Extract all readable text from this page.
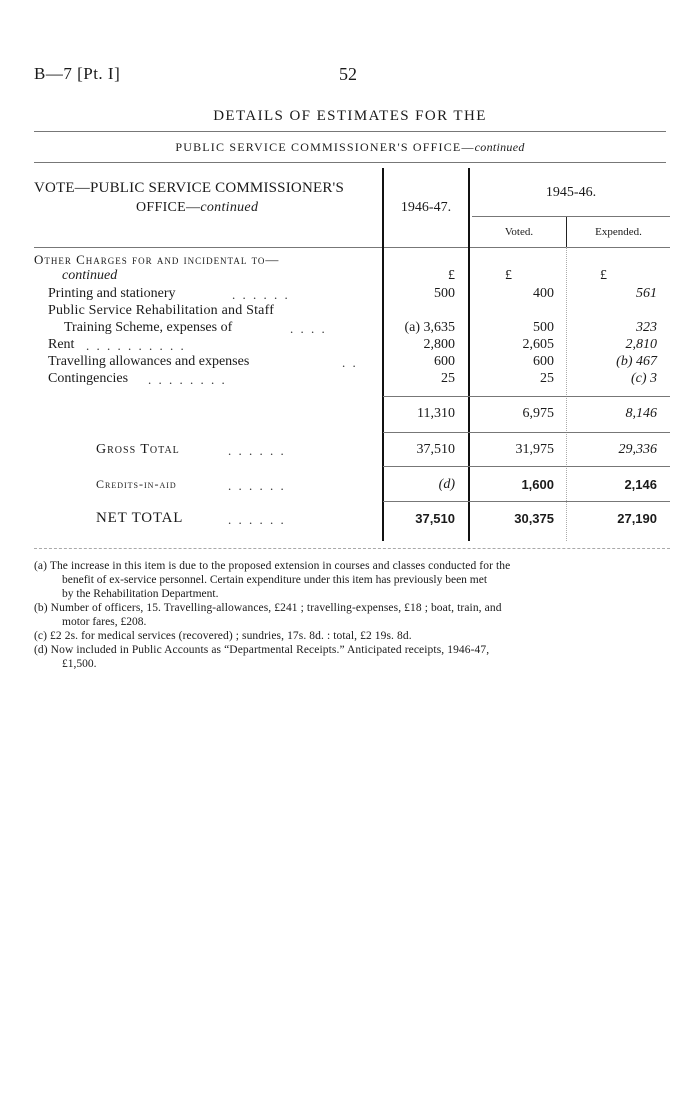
B—7 [Pt. I]	52
DETAILS OF ESTIMATES FOR THE
PUBLIC SERVICE COMMISSIONER'S OFFICE—continued
VOTE—PUBLIC SERVICE COMMISSIONER'S
OFFICE—continued	1946-47.
1945-46.
Voted.	Expended.
Other Charges for and incidental to—
continued	£	£	£
Printing and stationery	. . . . . .	500	400	561
Public Service Rehabilitation and Staff
Training Scheme, expenses of	. . . .	(a) 3,635	500	323
Rent . . . . . . . . . .	2,800	2,605	2,810
Travelling allowances and expenses	. .	600	600	(b) 467
Contingencies . . . . . . . .	25	25	(c) 3
11,310	6,975	8,146
Gross Total	. . . . . .	37,510	31,975	29,336
Credits-in-aid	. . . . . .	(d)	1,600	2,146
NET TOTAL	. . . . . .	37,510	30,375	27,190
(a) The increase in this item is due to the proposed extension in courses and classes conducted for the
benefit of ex-service personnel. Certain expenditure under this item has previously been met
by the Rehabilitation Department.
(b) Number of officers, 15. Travelling-allowances, £241 ; travelling-expenses, £18 ; boat, train, and
motor fares, £208.
(c) £2 2s. for medical services (recovered) ; sundries, 17s. 8d. : total, £2 19s. 8d.
(d) Now included in Public Accounts as “Departmental Receipts.” Anticipated receipts, 1946-47,
£1,500.
